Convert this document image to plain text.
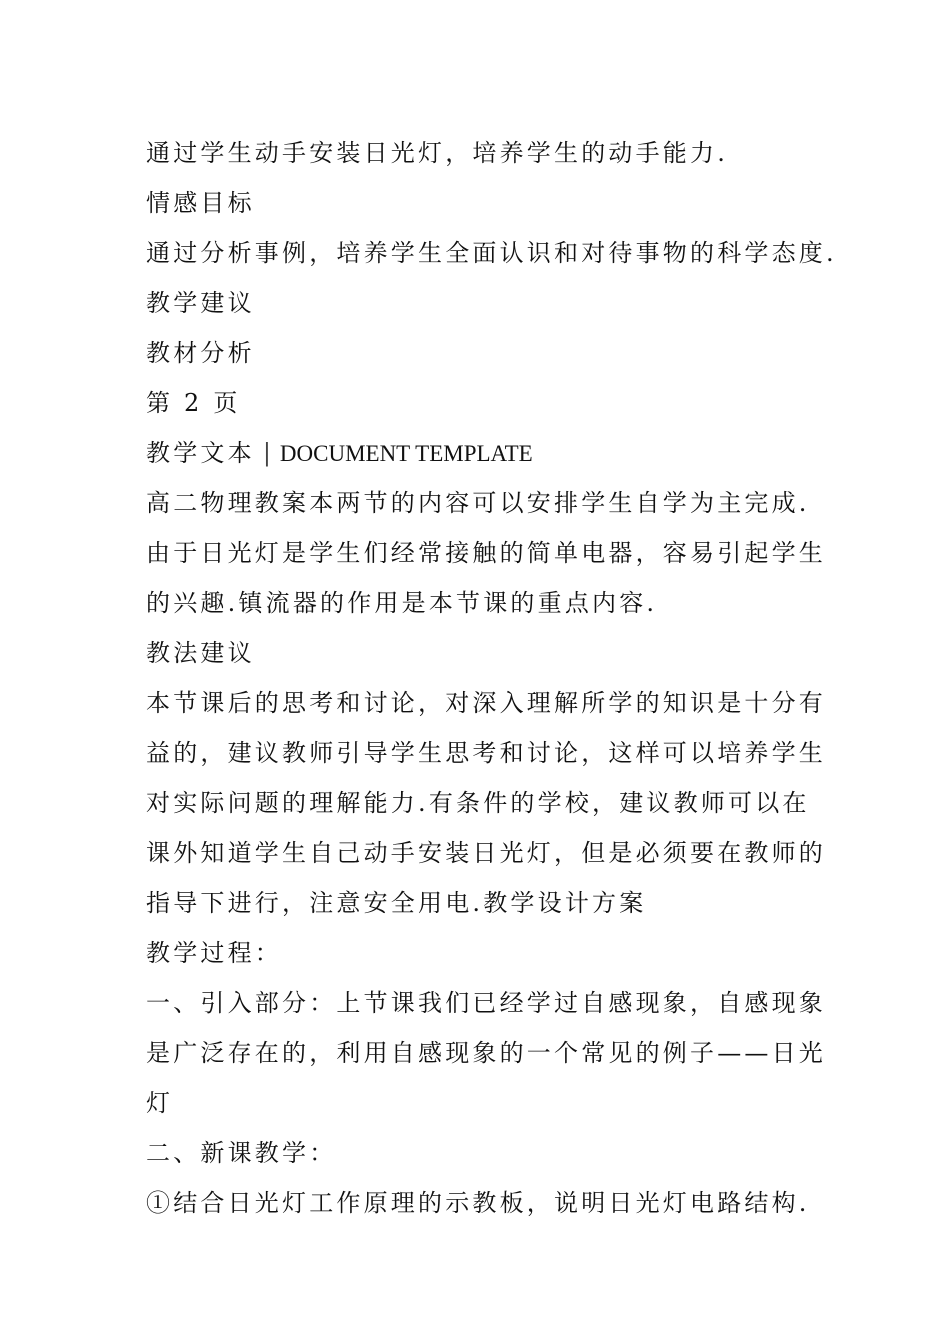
通过学生动手安装日光灯，培养学生的动手能力.
情感目标
通过分析事例，培养学生全面认识和对待事物的科学态度.
教学建议
教材分析
第 2 页
教学文本 | DOCUMENT TEMPLATE
高二物理教案本两节的内容可以安排学生自学为主完成.
由于日光灯是学生们经常接触的简单电器，容易引起学生
的兴趣.镇流器的作用是本节课的重点内容.
教法建议
本节课后的思考和讨论，对深入理解所学的知识是十分有
益的，建议教师引导学生思考和讨论，这样可以培养学生
对实际问题的理解能力.有条件的学校，建议教师可以在
课外知道学生自己动手安装日光灯，但是必须要在教师的
指导下进行，注意安全用电.教学设计方案
教学过程：
一、引入部分：上节课我们已经学过自感现象，自感现象
是广泛存在的，利用自感现象的一个常见的例子——日光
灯
二、新课教学：
①结合日光灯工作原理的示教板，说明日光灯电路结构.
